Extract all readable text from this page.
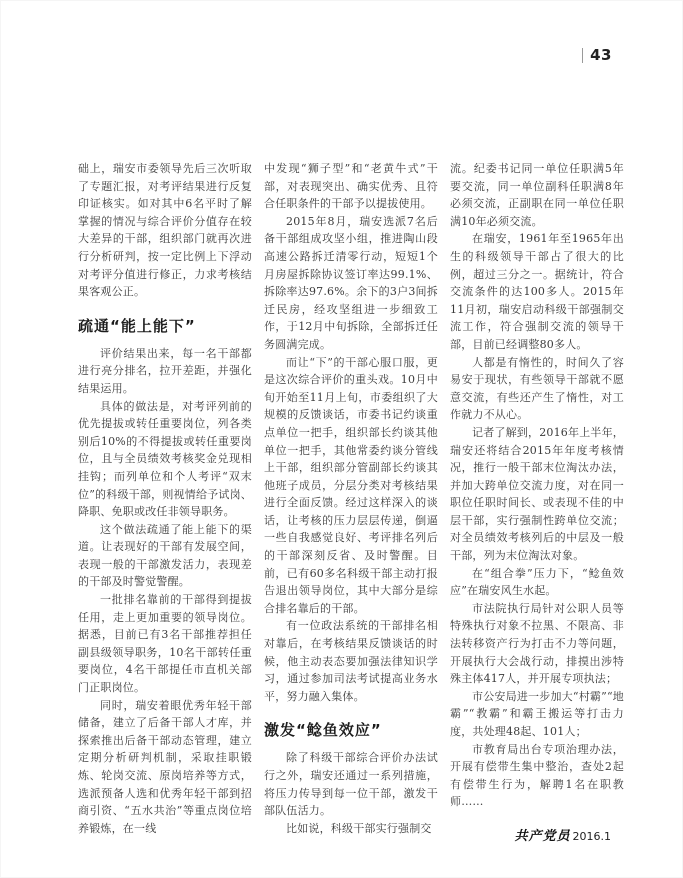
43

础上，瑞安市委领导先后三次听取了专题汇报，对考评结果进行反复印证核实。如对其中6名平时了解掌握的情况与综合评价分值存在较大差异的干部，组织部门就再次进行分析研判，按一定比例上下浮动对考评分值进行修正，力求考核结果客观公正。

疏通“能上能下”

评价结果出来，每一名干部都进行亮分排名，拉开差距，并强化结果运用。

具体的做法是，对考评列前的优先提拔或转任重要岗位，列各类别后10%的不得提拔或转任重要岗位，且与全员绩效考核奖金兑现相挂钩；而列单位和个人考评“双末位”的科级干部，则视情给予试岗、降职、免职或改任非领导职务。

这个做法疏通了能上能下的渠道。让表现好的干部有发展空间，表现一般的干部激发活力，表现差的干部及时警觉警醒。

一批排名靠前的干部得到提拔任用，走上更加重要的领导岗位。据悉，目前已有3名干部推荐担任副县级领导职务，10名干部转任重要岗位，4名干部提任市直机关部门正职岗位。

同时，瑞安着眼优秀年轻干部储备，建立了后备干部人才库，并探索推出后备干部动态管理，建立定期分析研判机制，采取挂职锻炼、轮岗交流、原岗培养等方式，选派预备人选和优秀年轻干部到招商引资、“五水共治”等重点岗位培养锻炼，在一线

中发现“狮子型”和“老黄牛式”干部，对表现突出、确实优秀、且符合任职条件的干部予以提拔使用。

2015年8月，瑞安选派7名后备干部组成攻坚小组，推进陶山段高速公路拆迁清零行动，短短1个月房屋拆除协议签订率达99.1%、拆除率达97.6%。余下的3户3间拆迁民房，经攻坚组进一步细致工作，于12月中旬拆除，全部拆迁任务圆满完成。

而让“下”的干部心服口服，更是这次综合评价的重头戏。10月中旬开始至11月上旬，市委组织了大规模的反馈谈话，市委书记约谈重点单位一把手，组织部长约谈其他单位一把手，其他常委约谈分管线上干部，组织部分管副部长约谈其他班子成员，分层分类对考核结果进行全面反馈。经过这样深入的谈话，让考核的压力层层传递，倒逼一些自我感觉良好、考评排名列后的干部深刻反省、及时警醒。目前，已有60多名科级干部主动打报告退出领导岗位，其中大部分是综合排名靠后的干部。

有一位政法系统的干部排名相对靠后，在考核结果反馈谈话的时候，他主动表态要加强法律知识学习，通过参加司法考试提高业务水平，努力融入集体。

激发“鲶鱼效应”

除了科级干部综合评价办法试行之外，瑞安还通过一系列措施，将压力传导到每一位干部，激发干部队伍活力。

比如说，科级干部实行强制交

流。纪委书记同一单位任职满5年要交流，同一单位副科任职满8年必须交流，正副职在同一单位任职满10年必须交流。

在瑞安，1961年至1965年出生的科级领导干部占了很大的比例，超过三分之一。据统计，符合交流条件的达100多人。2015年11月初，瑞安启动科级干部强制交流工作，符合强制交流的领导干部，目前已经调整80多人。

人都是有惰性的，时间久了容易安于现状，有些领导干部就不愿意交流，有些还产生了惰性，对工作就力不从心。

记者了解到，2016年上半年，瑞安还将结合2015年年度考核情况，推行一般干部末位淘汰办法，并加大跨单位交流力度，对在同一职位任职时间长、或表现不佳的中层干部，实行强制性跨单位交流；对全员绩效考核列后的中层及一般干部，列为末位淘汰对象。

在“组合拳”压力下，“鲶鱼效应”在瑞安风生水起。

市法院执行局针对公职人员等特殊执行对象不拉黑、不限高、非法转移资产行为打击不力等问题，开展执行大会战行动，排摸出涉特殊主体417人，并开展专项执法；

市公安局进一步加大“村霸”“地霸”“教霸”和霸王搬运等打击力度，共处理48起、101人；

市教育局出台专项治理办法，开展有偿带生集中整治，查处2起有偿带生行为，解聘1名在职教师……

共产党员 2016.1
